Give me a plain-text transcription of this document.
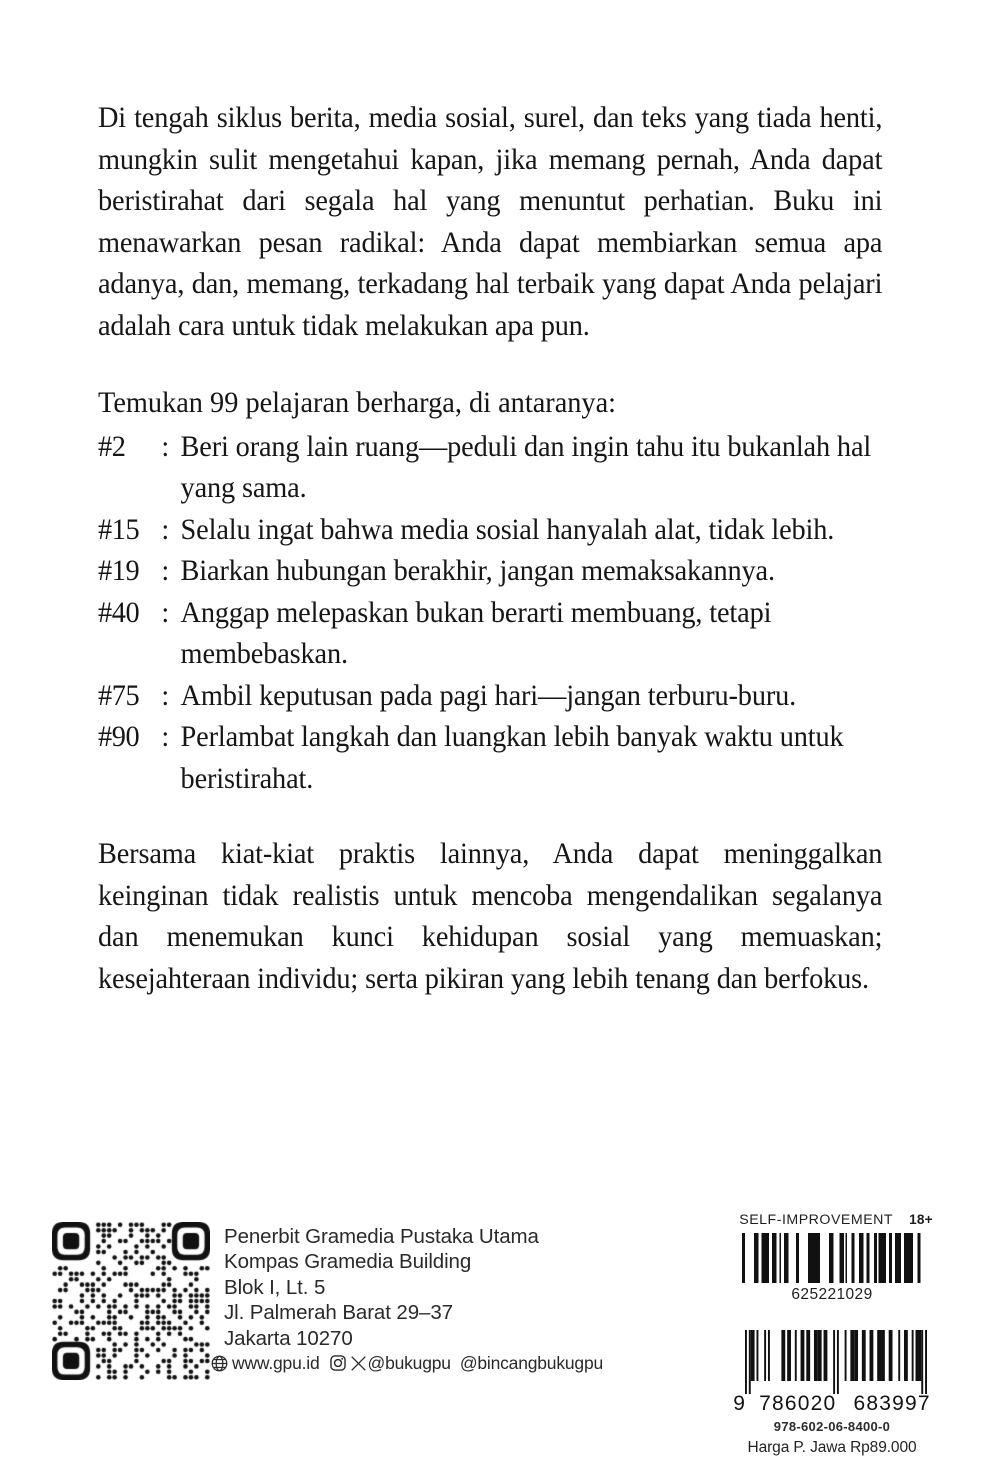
Di tengah siklus berita, media sosial, surel, dan teks yang tiada henti, mungkin sulit mengetahui kapan, jika memang pernah, Anda dapat beristirahat dari segala hal yang menuntut perhatian. Buku ini menawarkan pesan radikal: Anda dapat membiarkan semua apa adanya, dan, memang, terkadang hal terbaik yang dapat Anda pelajari adalah cara untuk tidak melakukan apa pun.

Temukan 99 pelajaran berharga, di antaranya:

#2	: Beri orang lain ruang—peduli dan ingin tahu itu bukanlah hal yang sama.
#15 : Selalu ingat bahwa media sosial hanyalah alat, tidak lebih.
#19 : Biarkan hubungan berakhir, jangan memaksakannya.
#40 : Anggap melepaskan bukan berarti membuang, tetapi membebaskan.
#75 : Ambil keputusan pada pagi hari—jangan terburu-buru.
#90 : Perlambat langkah dan luangkan lebih banyak waktu untuk beristirahat.

Bersama kiat-kiat praktis lainnya, Anda dapat meninggalkan keinginan tidak realistis untuk mencoba mengendalikan segalanya dan menemukan kunci kehidupan sosial yang memuaskan; kesejahteraan individu; serta pikiran yang lebih tenang dan berfokus.

Penerbit Gramedia Pustaka Utama
Kompas Gramedia Building
Blok I, Lt. 5
Jl. Palmerah Barat 29–37
Jakarta 10270
www.gpu.id	@bukugpu @bincangbukugpu
SELF-IMPROVEMENT 18+
625221029
9 786020 683997
978-602-06-8400-0
Harga P. Jawa Rp89.000
